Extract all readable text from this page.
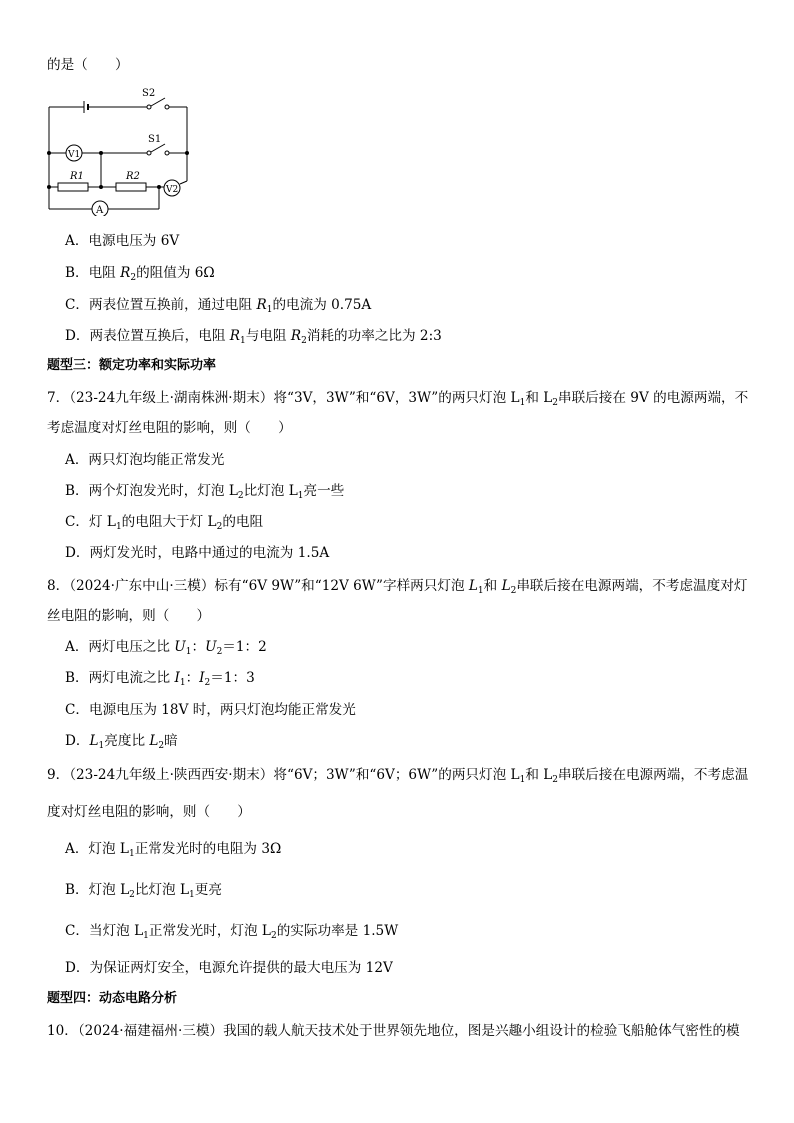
的是（　　）
S2
S1
V1
R1	R2
V2
A
A．电源电压为 6V
B．电阻 $R_2$的阻值为 6Ω
C．两表位置互换前，通过电阻 $R_1$的电流为 0.75A
D．两表位置互换后，电阻 $R_1$与电阻 $R_2$消耗的功率之比为 2:3
题型三：额定功率和实际功率
7．（23-24九年级上·湖南株洲·期末）将“3V，3W”和“6V，3W”的两只灯泡 $L_1$和 $L_2$串联后接在 9V 的电源两端，不
考虑温度对灯丝电阻的影响，则（　　）
A．两只灯泡均能正常发光
B．两个灯泡发光时，灯泡 $L_2$比灯泡 $L_1$亮一些
C．灯 $L_1$的电阻大于灯 $L_2$的电阻
D．两灯发光时，电路中通过的电流为 1.5A
8．（2024·广东中山·三模）标有“6V 9W”和“12V 6W”字样两只灯泡 $L_1$和 $L_2$串联后接在电源两端，不考虑温度对灯
丝电阻的影响，则（　　）
A．两灯电压之比 $U_1$：$U_2=1$：2
B．两灯电流之比 $I_1$：$I_2=1$：3
C．电源电压为 18V 时，两只灯泡均能正常发光
D．$L_1$亮度比 $L_2$暗
9．（23-24九年级上·陕西西安·期末）将“6V；3W”和“6V；6W”的两只灯泡 $L_1$和 $L_2$串联后接在电源两端，不考虑温
度对灯丝电阻的影响，则（　　）
A．灯泡 $L_1$正常发光时的电阻为 3Ω
B．灯泡 $L_2$比灯泡 $L_1$更亮
C．当灯泡 $L_1$正常发光时，灯泡 $L_2$的实际功率是 1.5W
D．为保证两灯安全，电源允许提供的最大电压为 12V
题型四：动态电路分析
10．（2024·福建福州·三模）我国的载人航天技术处于世界领先地位，图是兴趣小组设计的检验飞船舱体气密性的模
